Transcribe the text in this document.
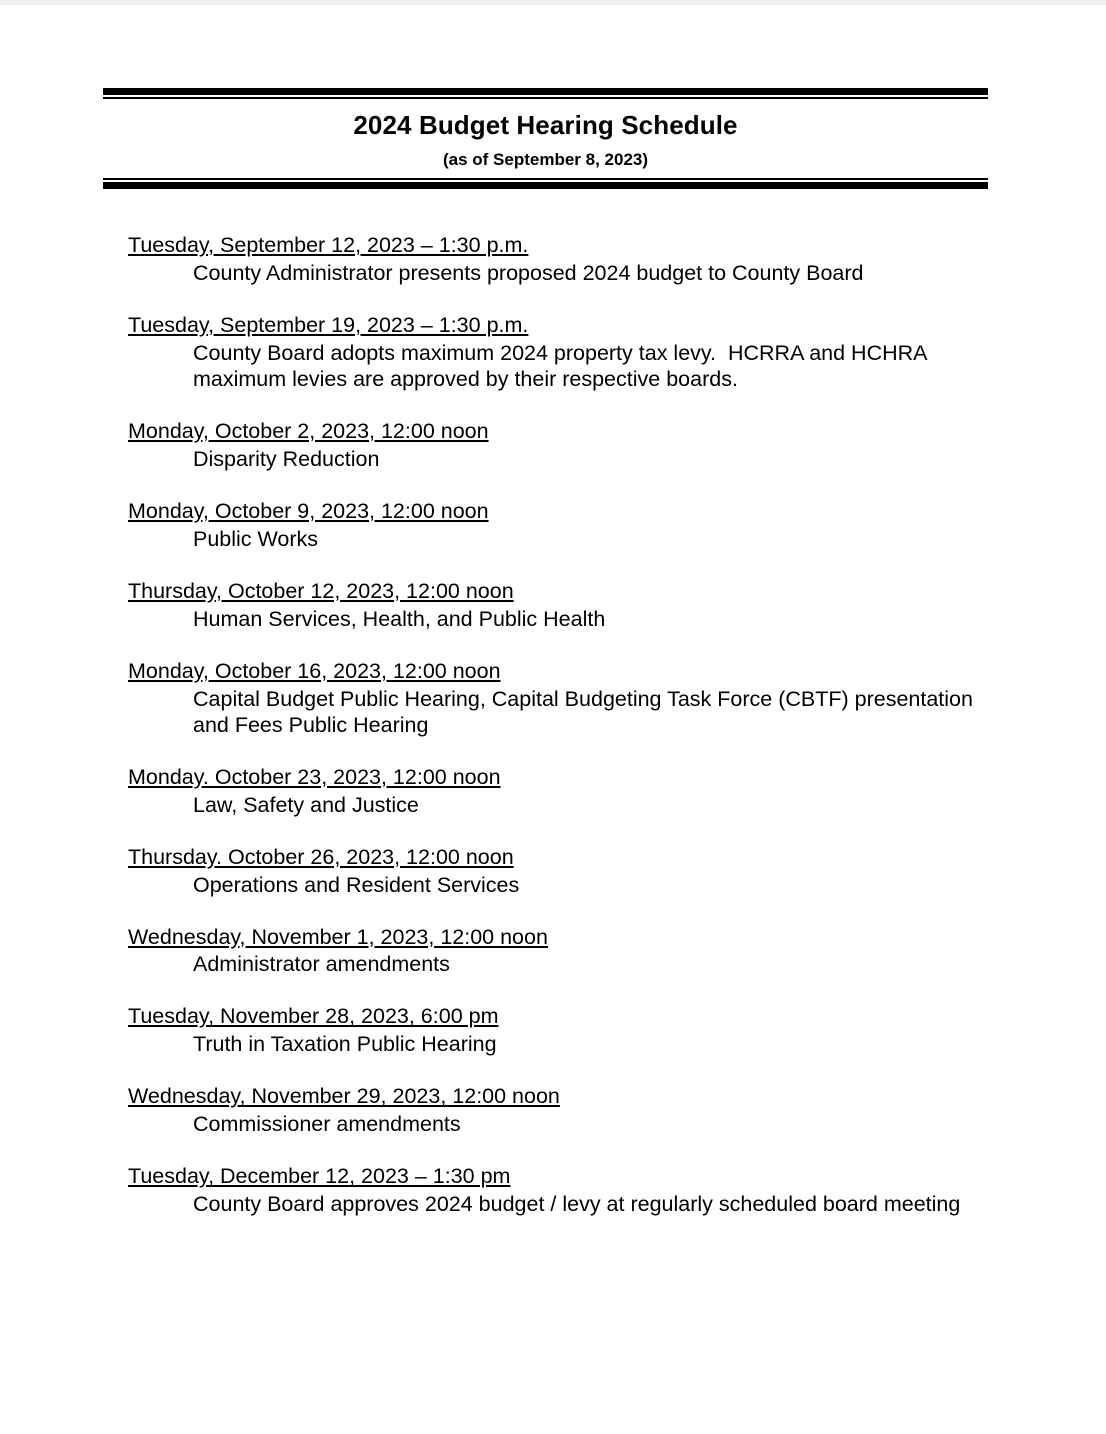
2024 Budget Hearing Schedule
(as of September 8, 2023)
Tuesday, September 12, 2023 – 1:30 p.m.
County Administrator presents proposed 2024 budget to County Board
Tuesday, September 19, 2023 – 1:30 p.m.
County Board adopts maximum 2024 property tax levy.  HCRRA and HCHRA maximum levies are approved by their respective boards.
Monday, October 2, 2023, 12:00 noon
Disparity Reduction
Monday, October 9, 2023, 12:00 noon
Public Works
Thursday, October 12, 2023, 12:00 noon
Human Services, Health, and Public Health
Monday, October 16, 2023, 12:00 noon
Capital Budget Public Hearing, Capital Budgeting Task Force (CBTF) presentation and Fees Public Hearing
Monday. October 23, 2023, 12:00 noon
Law, Safety and Justice
Thursday. October 26, 2023, 12:00 noon
Operations and Resident Services
Wednesday, November 1, 2023, 12:00 noon
Administrator amendments
Tuesday, November 28, 2023, 6:00 pm
Truth in Taxation Public Hearing
Wednesday, November 29, 2023, 12:00 noon
Commissioner amendments
Tuesday, December 12, 2023 – 1:30 pm
County Board approves 2024 budget / levy at regularly scheduled board meeting
